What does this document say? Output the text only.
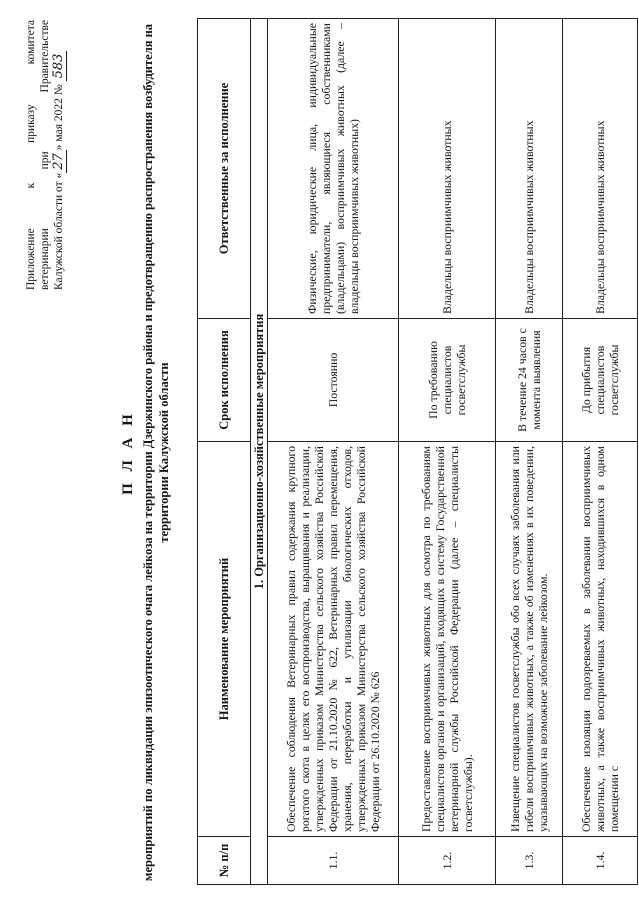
Приложение
к
приказу
комитета
ветеринарии
при
Правительстве
Калужской области от «27» мая 2022 № 583
П Л А Н мероприятий по ликвидации эпизоотического очага лейкоза на территории Дзержинского района и предотвращению распространения возбудителя на территории Калужской области
№ п/п	Наименование мероприятий	Срок исполнения	Ответственные за исполнение
1. Организационно-хозяйственные мероприятия			
1.1.	Обеспечение соблюдения Ветеринарных правил содержания крупного рогатого скота в целях его воспроизводства, выращивания и реализации, утвержденных приказом Министерства сельского хозяйства Российской Федерации от 21.10.2020 № 622, Ветеринарных правил перемещения, хранения, переработки и утилизации биологических отходов, утвержденных приказом Министерства сельского хозяйства Российской Федерации от 26.10.2020 № 626	Постоянно	Физические, юридические лица, индивидуальные предприниматели, являющиеся собственниками (владельцами) восприимчивых животных (далее – владельцы восприимчивых животных)
1.2.	Предоставление восприимчивых животных для осмотра по требованиям специалистов органов и организаций, входящих в систему Государственной ветеринарной службы Российской Федерации (далее – специалисты госветслужбы).	По требованию специалистов госветслужбы	Владельцы восприимчивых животных
1.3.	Извещение специалистов госветслужбы обо всех случаях заболевания или гибели восприимчивых животных, а также об изменениях в их поведении, указывающих на возможное заболевание лейкозом.	В течение 24 часов с момента выявления	Владельцы восприимчивых животных
1.4.	Обеспечение изоляции подозреваемых в заболевании восприимчивых животных, а также восприимчивых животных, находившихся в одном помещении с	До прибытия специалистов госветслужбы	Владельцы восприимчивых животных
